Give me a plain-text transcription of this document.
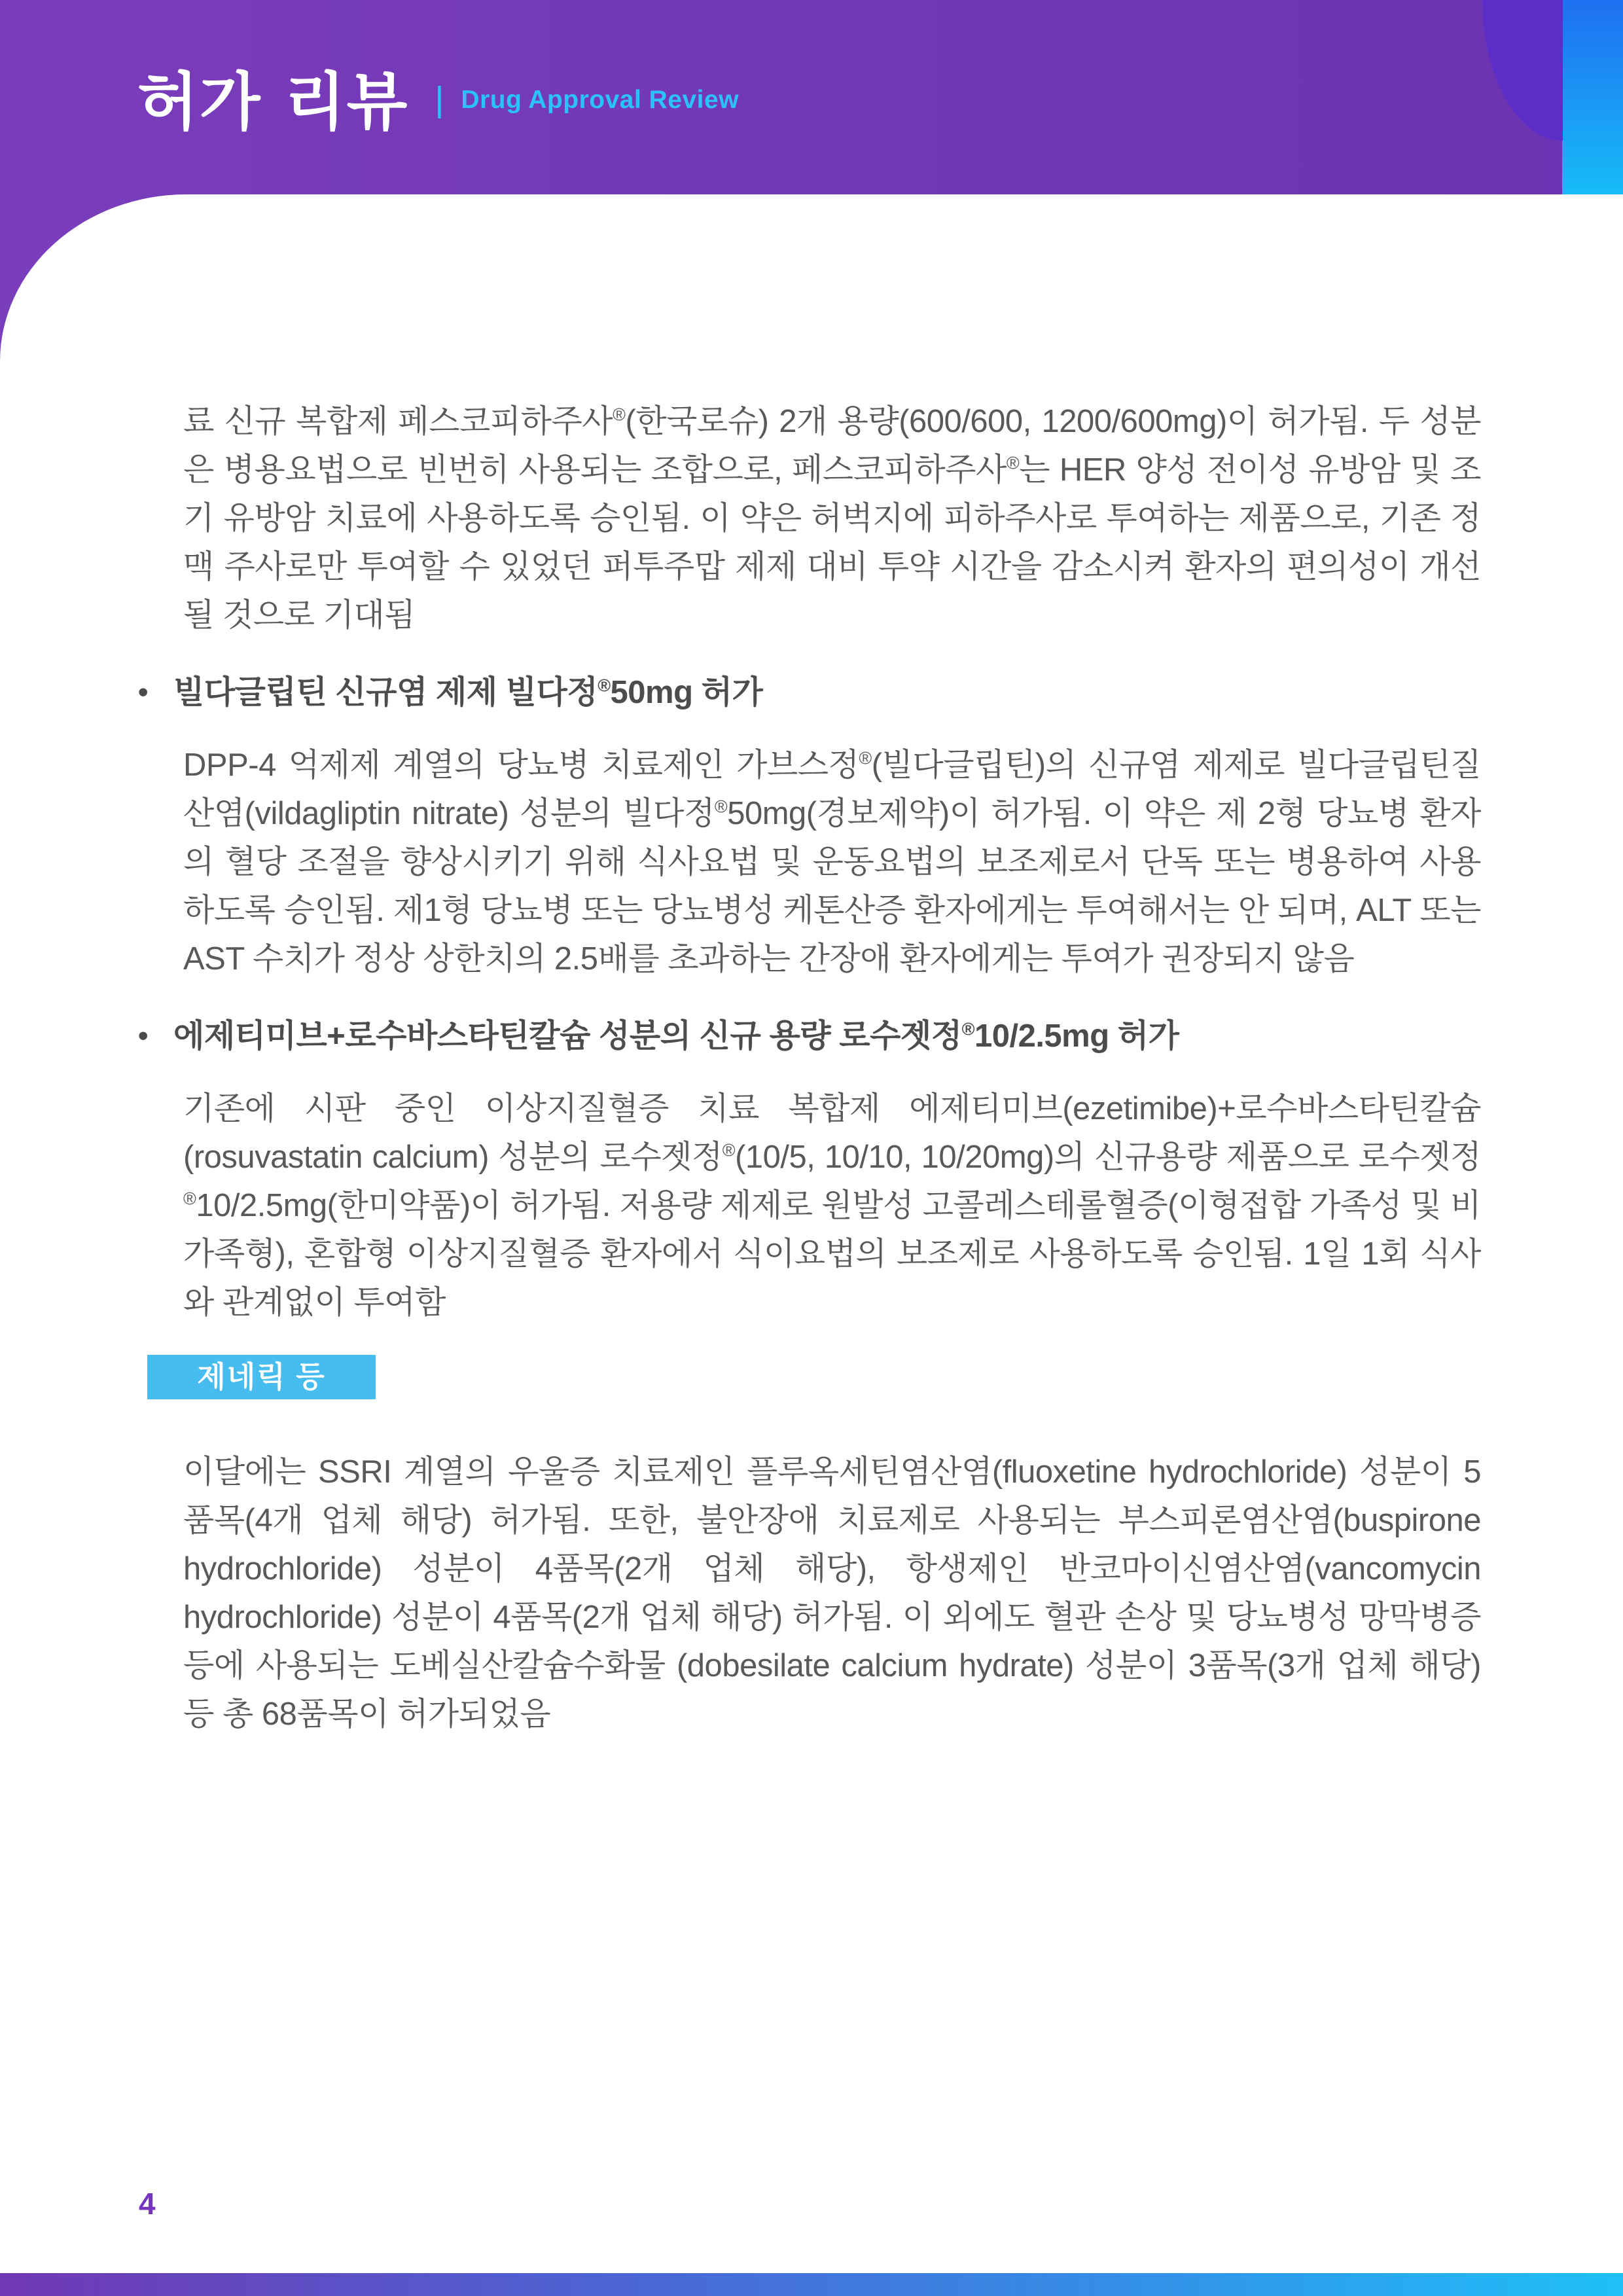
허가 리뷰 | Drug Approval Review

료 신규 복합제 페스코피하주사®(한국로슈) 2개 용량(600/600, 1200/600mg)이 허가됨. 두 성분은 병용요법으로 빈번히 사용되는 조합으로, 페스코피하주사®는 HER 양성 전이성 유방암 및 조기 유방암 치료에 사용하도록 승인됨. 이 약은 허벅지에 피하주사로 투여하는 제품으로, 기존 정맥 주사로만 투여할 수 있었던 퍼투주맙 제제 대비 투약 시간을 감소시켜 환자의 편의성이 개선될 것으로 기대됨

• 빌다글립틴 신규염 제제 빌다정®50mg 허가

DPP-4 억제제 계열의 당뇨병 치료제인 가브스정®(빌다글립틴)의 신규염 제제로 빌다글립틴질산염(vildagliptin nitrate) 성분의 빌다정®50mg(경보제약)이 허가됨. 이 약은 제 2형 당뇨병 환자의 혈당 조절을 향상시키기 위해 식사요법 및 운동요법의 보조제로서 단독 또는 병용하여 사용하도록 승인됨. 제1형 당뇨병 또는 당뇨병성 케톤산증 환자에게는 투여해서는 안 되며, ALT 또는 AST 수치가 정상 상한치의 2.5배를 초과하는 간장애 환자에게는 투여가 권장되지 않음

• 에제티미브+로수바스타틴칼슘 성분의 신규 용량 로수젯정®10/2.5mg 허가

기존에 시판 중인 이상지질혈증 치료 복합제 에제티미브(ezetimibe)+로수바스타틴칼슘(rosuvastatin calcium) 성분의 로수젯정®(10/5, 10/10, 10/20mg)의 신규용량 제품으로 로수젯정®10/2.5mg(한미약품)이 허가됨. 저용량 제제로 원발성 고콜레스테롤혈증(이형접합 가족성 및 비가족형), 혼합형 이상지질혈증 환자에서 식이요법의 보조제로 사용하도록 승인됨. 1일 1회 식사와 관계없이 투여함

제네릭 등

이달에는 SSRI 계열의 우울증 치료제인 플루옥세틴염산염(fluoxetine hydrochloride) 성분이 5품목(4개 업체 해당) 허가됨. 또한, 불안장애 치료제로 사용되는 부스피론염산염(buspirone hydrochloride) 성분이 4품목(2개 업체 해당), 항생제인 반코마이신염산염(vancomycin hydrochloride) 성분이 4품목(2개 업체 해당) 허가됨. 이 외에도 혈관 손상 및 당뇨병성 망막병증 등에 사용되는 도베실산칼슘수화물 (dobesilate calcium hydrate) 성분이 3품목(3개 업체 해당) 등 총 68품목이 허가되었음

4
